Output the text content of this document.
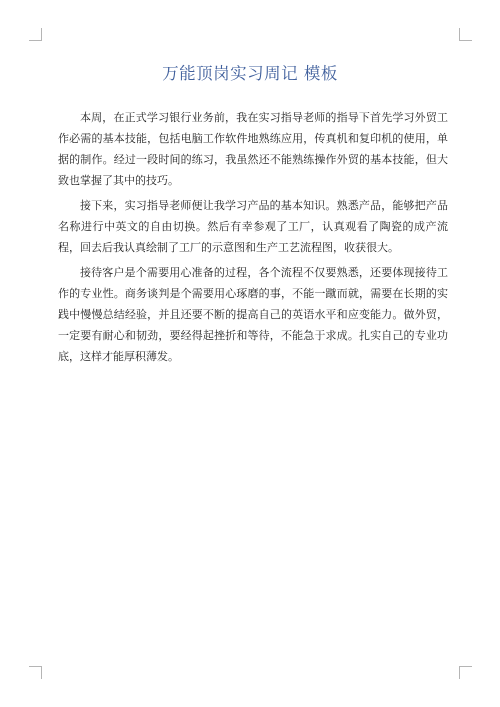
万能顶岗实习周记 模板

本周，在正式学习银行业务前，我在实习指导老师的指导下首先学习外贸工作必需的基本技能，包括电脑工作软件地熟练应用，传真机和复印机的使用，单据的制作。经过一段时间的练习，我虽然还不能熟练操作外贸的基本技能，但大致也掌握了其中的技巧。

接下来，实习指导老师便让我学习产品的基本知识。熟悉产品，能够把产品名称进行中英文的自由切换。然后有幸参观了工厂，认真观看了陶瓷的成产流程，回去后我认真绘制了工厂的示意图和生产工艺流程图，收获很大。

接待客户是个需要用心准备的过程，各个流程不仅要熟悉，还要体现接待工作的专业性。商务谈判是个需要用心琢磨的事，不能一蹴而就，需要在长期的实践中慢慢总结经验，并且还要不断的提高自己的英语水平和应变能力。做外贸，一定要有耐心和韧劲，要经得起挫折和等待，不能急于求成。扎实自己的专业功底，这样才能厚积薄发。
